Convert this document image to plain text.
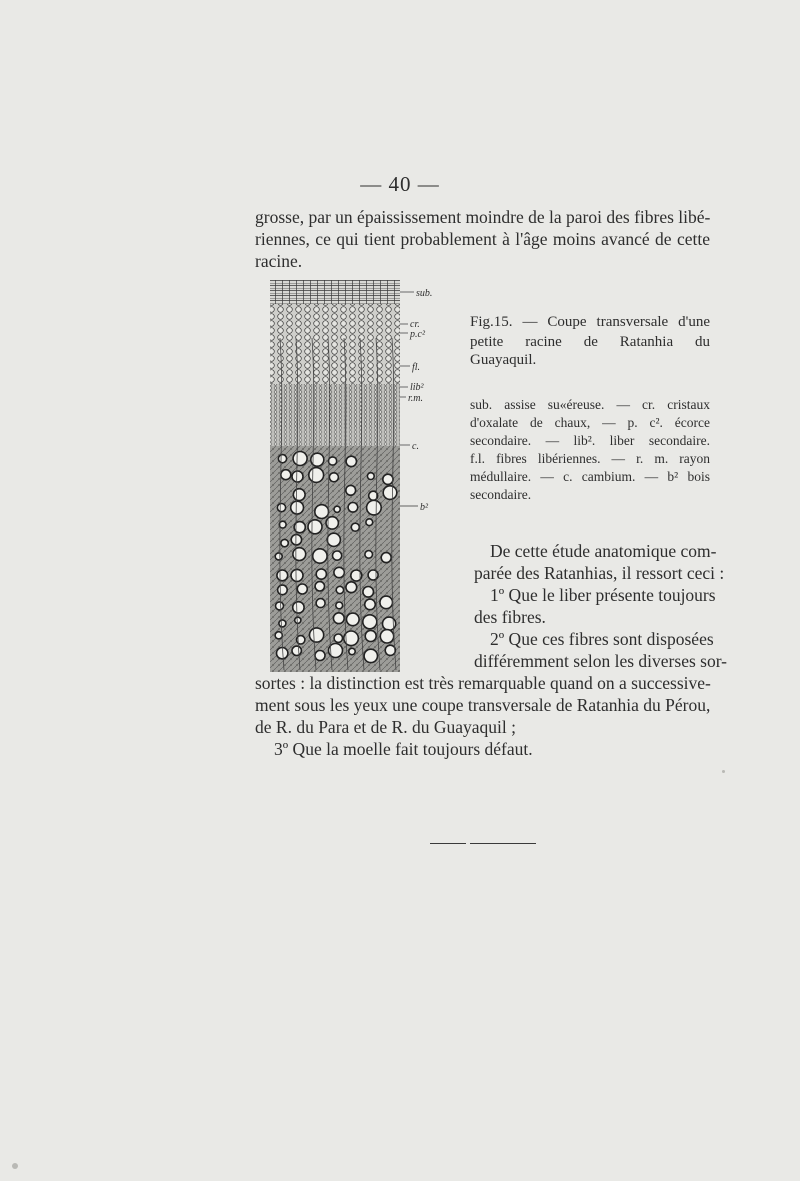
— 40 —
grosse, par un épaississement moindre de la paroi des fibres libé-
riennes, ce qui tient probablement à l'âge moins avancé de cette
racine.
sub.
cr.
p.c²
fl.
lib²
r.m.
c.
b²
Fig.15. — Coupe transversale d'une
petite racine de Ratanhia du
Guayaquil.
sub. assise su«éreuse. — cr. cristaux
d'oxalate de chaux, — p. c². écorce
secondaire. — lib². liber secondaire.
f.l. fibres libériennes. — r. m. rayon
médullaire. — c. cambium. — b² bois
secondaire.
De cette étude anatomique com-
parée des Ratanhias, il ressort ceci :
1º Que le liber présente toujours
des fibres.
2º Que ces fibres sont disposées
différemment selon les diverses sor-
sortes : la distinction est très remarquable quand on a successive-
ment sous les yeux une coupe transversale de Ratanhia du Pérou,
de R. du Para et de R. du Guayaquil ;
3º Que la moelle fait toujours défaut.
